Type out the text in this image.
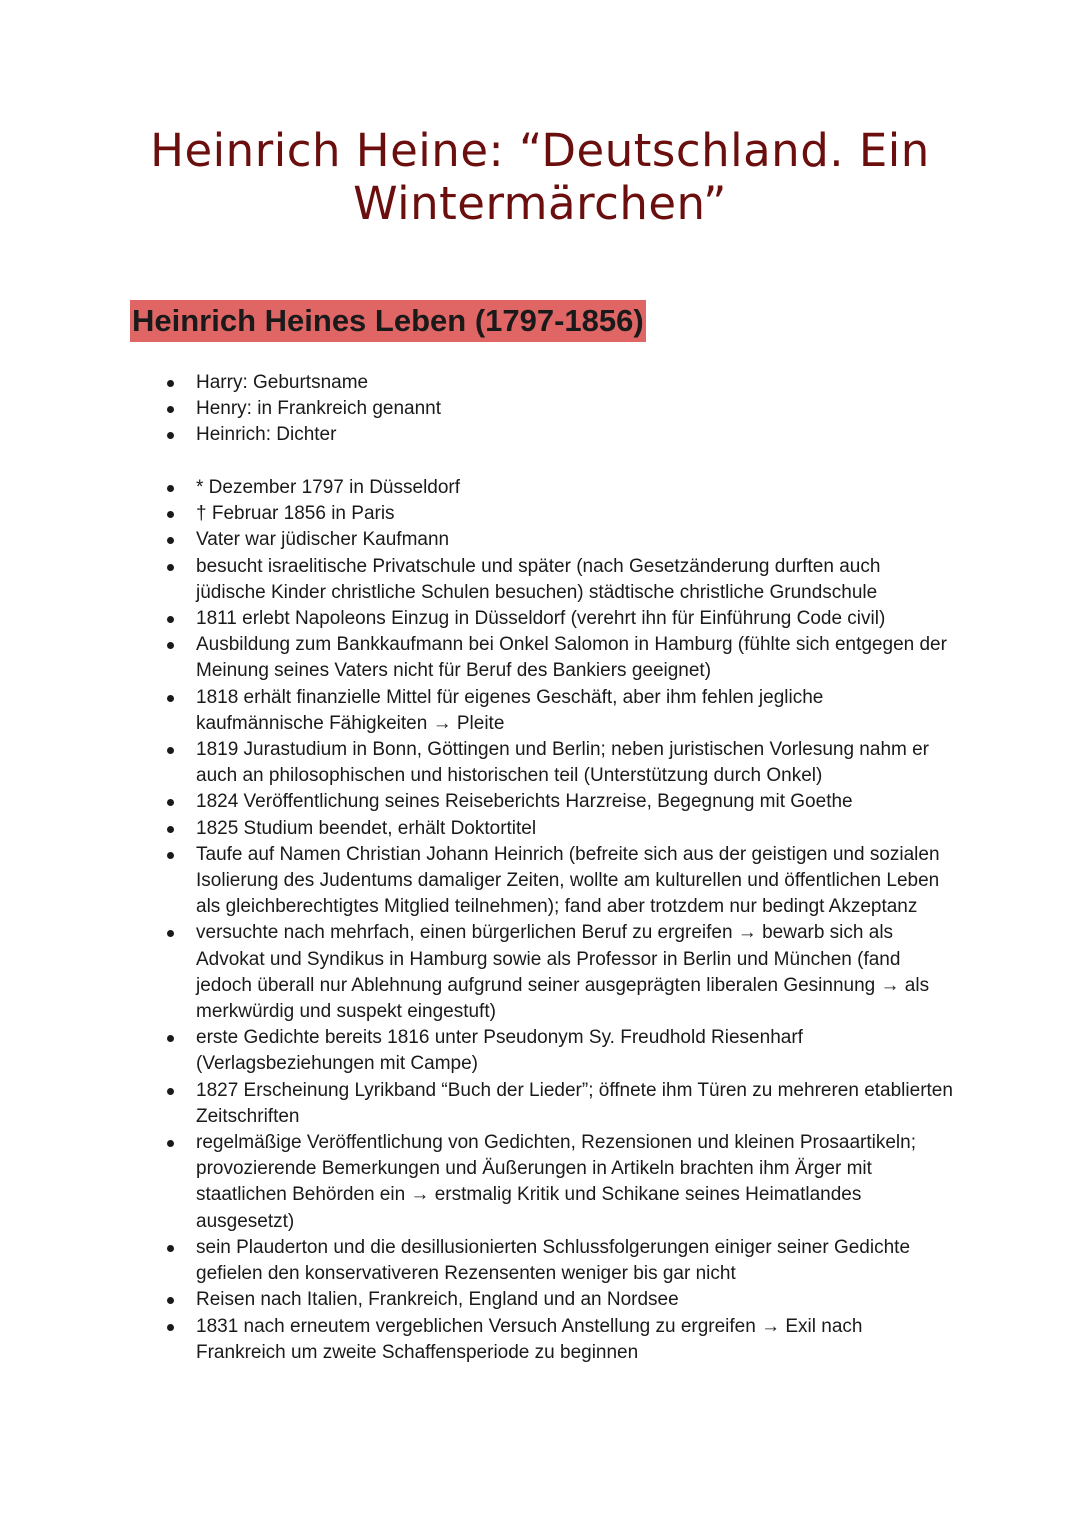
Heinrich Heine: “Deutschland. Ein
Wintermärchen”
Heinrich Heines Leben (1797-1856)
Harry: Geburtsname
Henry: in Frankreich genannt
Heinrich: Dichter
* Dezember 1797 in Düsseldorf
† Februar 1856 in Paris
Vater war jüdischer Kaufmann
besucht israelitische Privatschule und später (nach Gesetzänderung durften auch jüdische Kinder christliche Schulen besuchen) städtische christliche Grundschule
1811 erlebt Napoleons Einzug in Düsseldorf (verehrt ihn für Einführung Code civil)
Ausbildung zum Bankkaufmann bei Onkel Salomon in Hamburg (fühlte sich entgegen der Meinung seines Vaters nicht für Beruf des Bankiers geeignet)
1818 erhält finanzielle Mittel für eigenes Geschäft, aber ihm fehlen jegliche kaufmännische Fähigkeiten → Pleite
1819 Jurastudium in Bonn, Göttingen und Berlin; neben juristischen Vorlesung nahm er auch an philosophischen und historischen teil (Unterstützung durch Onkel)
1824 Veröffentlichung seines Reiseberichts Harzreise, Begegnung mit Goethe
1825 Studium beendet, erhält Doktortitel
Taufe auf Namen Christian Johann Heinrich (befreite sich aus der geistigen und sozialen Isolierung des Judentums damaliger Zeiten, wollte am kulturellen und öffentlichen Leben als gleichberechtigtes Mitglied teilnehmen); fand aber trotzdem nur bedingt Akzeptanz
versuchte nach mehrfach, einen bürgerlichen Beruf zu ergreifen → bewarb sich als Advokat und Syndikus in Hamburg sowie als Professor in Berlin und München (fand jedoch überall nur Ablehnung aufgrund seiner ausgeprägten liberalen Gesinnung → als merkwürdig und suspekt eingestuft)
erste Gedichte bereits 1816 unter Pseudonym Sy. Freudhold Riesenharf (Verlagsbeziehungen mit Campe)
1827 Erscheinung Lyrikband “Buch der Lieder”; öffnete ihm Türen zu mehreren etablierten Zeitschriften
regelmäßige Veröffentlichung von Gedichten, Rezensionen und kleinen Prosaartikeln; provozierende Bemerkungen und Äußerungen in Artikeln brachten ihm Ärger mit staatlichen Behörden ein → erstmalig Kritik und Schikane seines Heimatlandes ausgesetzt)
sein Plauderton und die desillusionierten Schlussfolgerungen einiger seiner Gedichte gefielen den konservativeren Rezensenten weniger bis gar nicht
Reisen nach Italien, Frankreich, England und an Nordsee
1831 nach erneutem vergeblichen Versuch Anstellung zu ergreifen → Exil nach Frankreich um zweite Schaffensperiode zu beginnen
